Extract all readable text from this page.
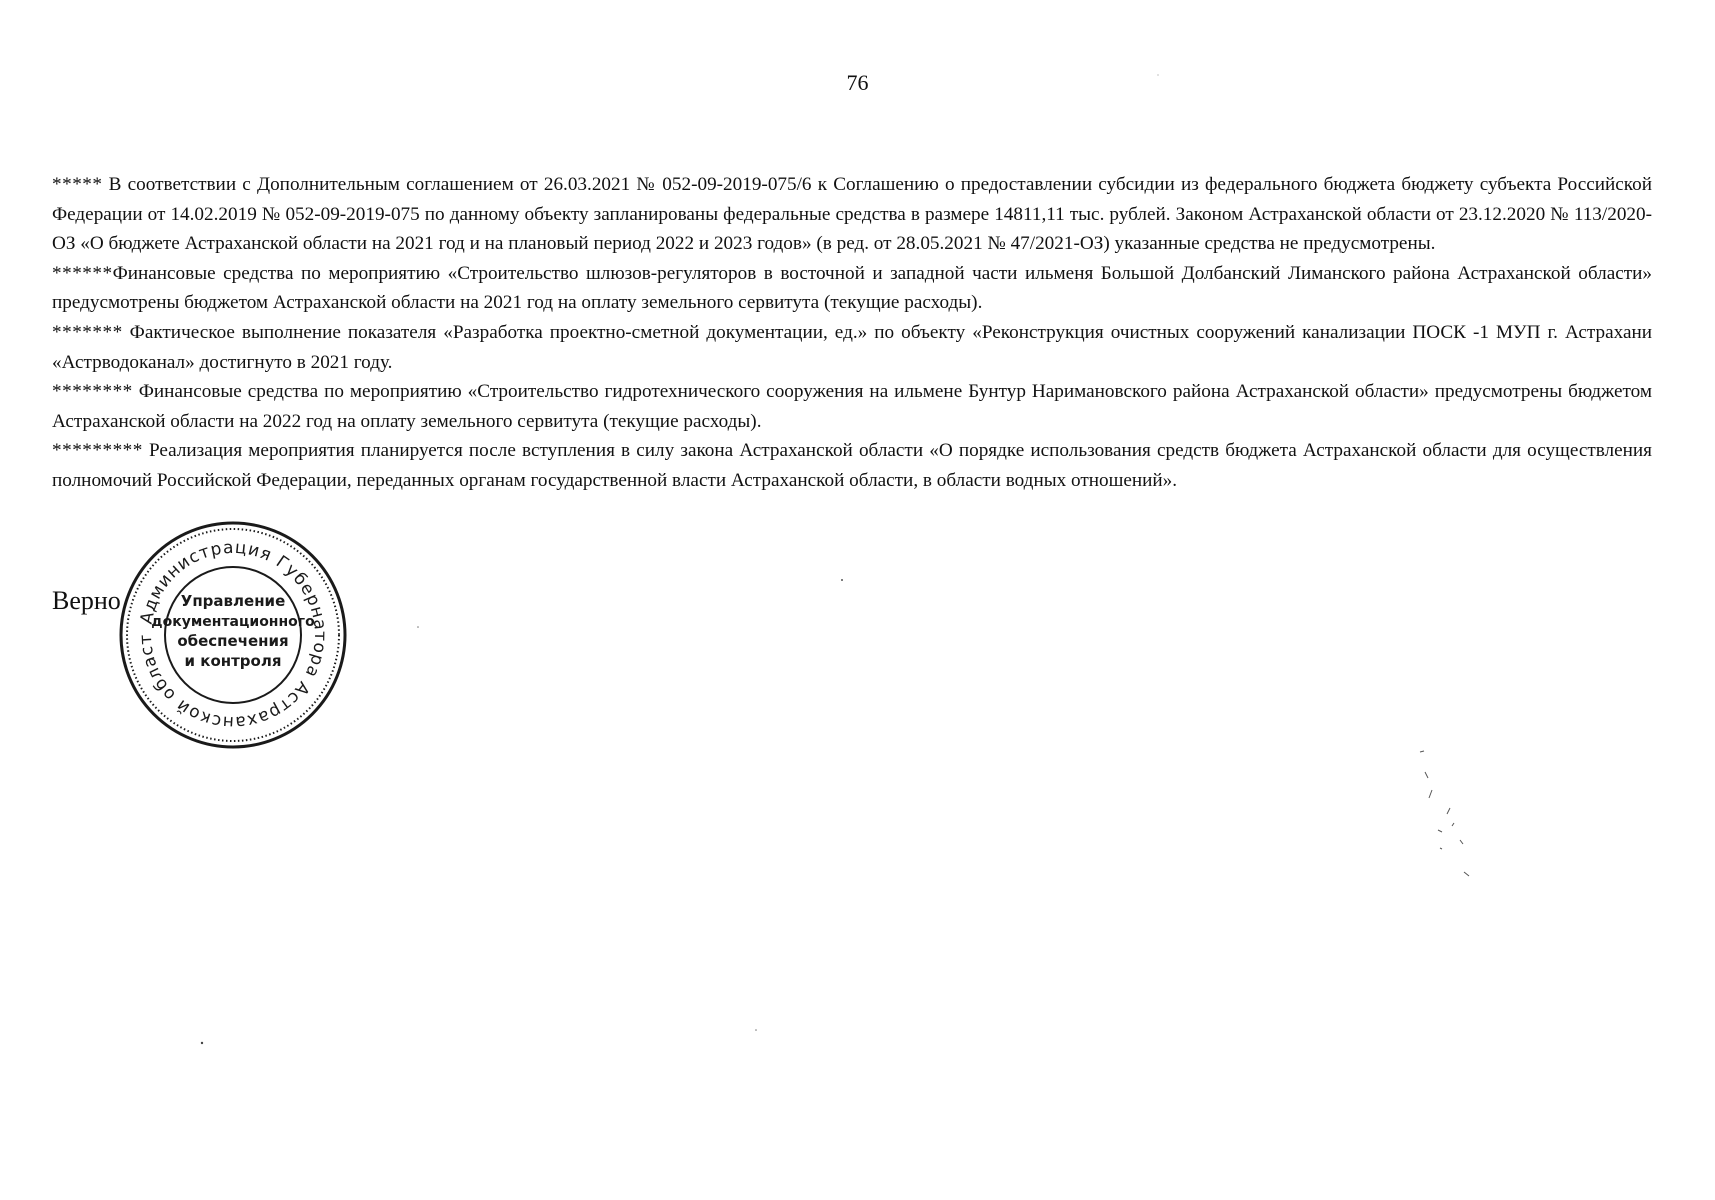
76

***** В соответствии с Дополнительным соглашением от 26.03.2021 № 052-09-2019-075/6 к Соглашению о предоставлении субсидии из федерального бюджета бюджету субъекта Российской Федерации от 14.02.2019 № 052-09-2019-075 по данному объекту запланированы федеральные средства в размере 14811,11 тыс. рублей. Законом Астраханской области от 23.12.2020 № 113/2020-ОЗ «О бюджете Астраханской области на 2021 год и на плановый период 2022 и 2023 годов» (в ред. от 28.05.2021 № 47/2021-ОЗ) указанные средства не предусмотрены.

******Финансовые средства по мероприятию «Строительство шлюзов-регуляторов в восточной и западной части ильменя Большой Долбанский Лиманского района Астраханской области» предусмотрены бюджетом Астраханской области на 2021 год на оплату земельного сервитута (текущие расходы).

******* Фактическое выполнение показателя «Разработка проектно-сметной документации, ед.» по объекту «Реконструкция очистных сооружений канализации ПОСК -1 МУП г. Астрахани «Астрводоканал» достигнуто в 2021 году.

******** Финансовые средства по мероприятию «Строительство гидротехнического сооружения на ильмене Бунтур Наримановского района Астраханской области» предусмотрены бюджетом Астраханской области на 2022 год на оплату земельного сервитута (текущие расходы).

********* Реализация мероприятия планируется после вступления в силу закона Астраханской области «О порядке использования средств бюджета Астраханской области для осуществления полномочий Российской Федерации, переданных органам государственной власти Астраханской области, в области водных отношений».

Верно
Администрация Губернатора Астраханской област
Управление
документационного
обеспечения
и контроля
